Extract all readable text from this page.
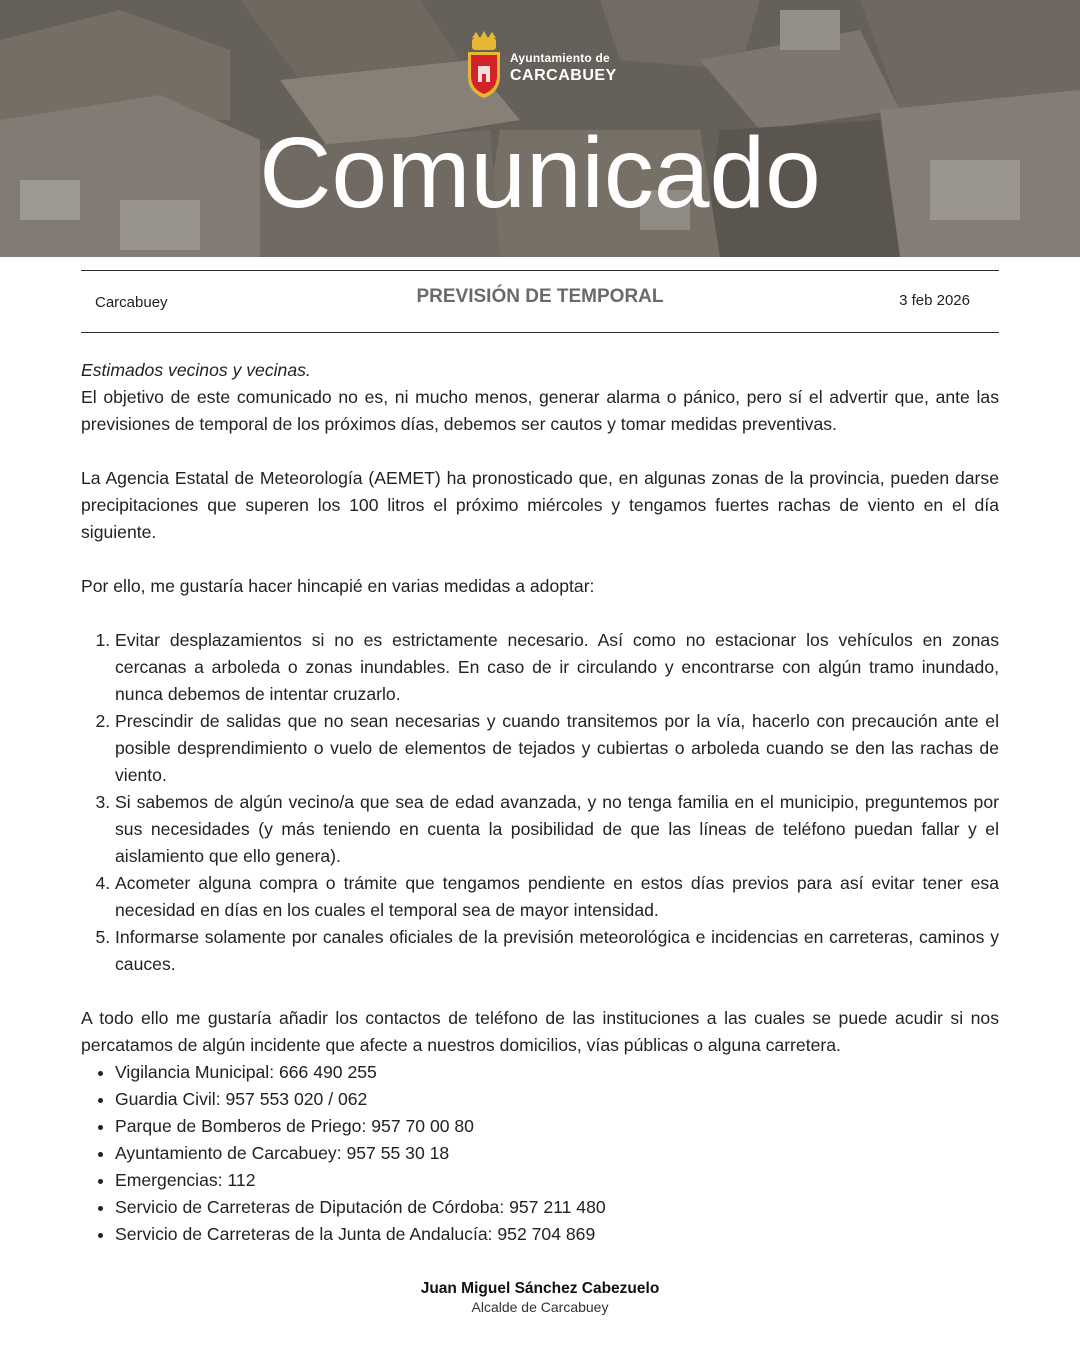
Ayuntamiento de
CARCABUEY
Comunicado
Carcabuey	PREVISIÓN DE TEMPORAL	3 feb 2026

Estimados vecinos y vecinas.

El objetivo de este comunicado no es, ni mucho menos, generar alarma o pánico, pero sí el advertir que, ante las previsiones de temporal de los próximos días, debemos ser cautos y tomar medidas preventivas.

La Agencia Estatal de Meteorología (AEMET) ha pronosticado que, en algunas zonas de la provincia, pueden darse precipitaciones que superen los 100 litros el próximo miércoles y tengamos fuertes rachas de viento en el día siguiente.

Por ello, me gustaría hacer hincapié en varias medidas a adoptar:

1. Evitar desplazamientos si no es estrictamente necesario. Así como no estacionar los vehículos en zonas cercanas a arboleda o zonas inundables. En caso de ir circulando y encontrarse con algún tramo inundado, nunca debemos de intentar cruzarlo.
2. Prescindir de salidas que no sean necesarias y cuando transitemos por la vía, hacerlo con precaución ante el posible desprendimiento o vuelo de elementos de tejados y cubiertas o arboleda cuando se den las rachas de viento.
3. Si sabemos de algún vecino/a que sea de edad avanzada, y no tenga familia en el municipio, preguntemos por sus necesidades (y más teniendo en cuenta la posibilidad de que las líneas de teléfono puedan fallar y el aislamiento que ello genera).
4. Acometer alguna compra o trámite que tengamos pendiente en estos días previos para así evitar tener esa necesidad en días en los cuales el temporal sea de mayor intensidad.
5. Informarse solamente por canales oficiales de la previsión meteorológica e incidencias en carreteras, caminos y cauces.

A todo ello me gustaría añadir los contactos de teléfono de las instituciones a las cuales se puede acudir si nos percatamos de algún incidente que afecte a nuestros domicilios, vías públicas o alguna carretera.

• Vigilancia Municipal: 666 490 255
• Guardia Civil: 957 553 020 / 062
• Parque de Bomberos de Priego: 957 70 00 80
• Ayuntamiento de Carcabuey: 957 55 30 18
• Emergencias: 112
• Servicio de Carreteras de Diputación de Córdoba: 957 211 480
• Servicio de Carreteras de la Junta de Andalucía: 952 704 869
Juan Miguel Sánchez Cabezuelo
Alcalde de Carcabuey
